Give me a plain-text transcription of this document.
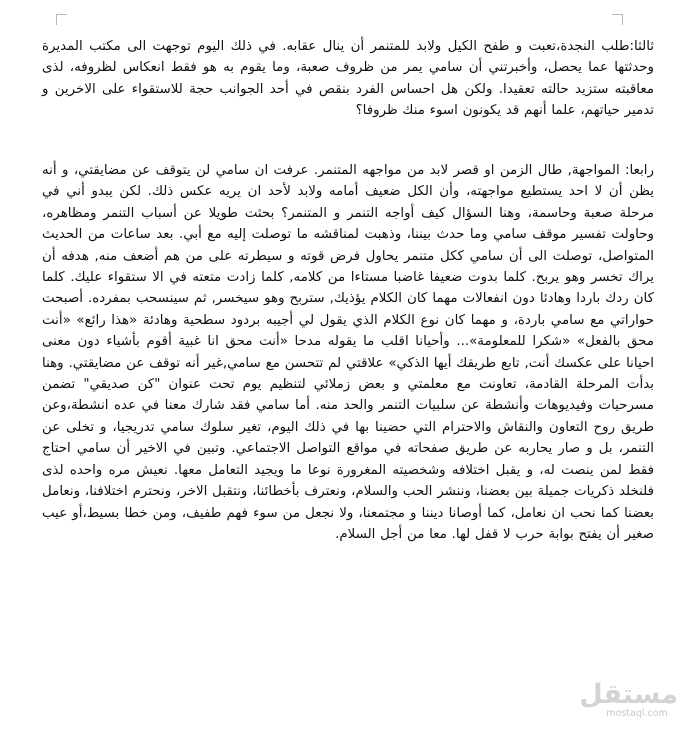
ثالثا:طلب النجدة،تعبت و طفح الكيل ولابد للمتنمر أن ينال عقابه. في ذلك اليوم توجهت الى مكتب المديرة وحدثتها عما يحصل، وأخبرتني أن سامي يمر من ظروف صعبة، وما يقوم به هو فقط انعكاس لظروفه، لذى معاقبته ستزيد حالته تعقيدا. ولكن هل احساس الفرد بنقص في أحد الجوانب حجة للاستقواء على الاخرين و تدمير حياتهم، علما أنهم قد يكونون اسوء منك ظروفا؟

رابعا: المواجهة, طال الزمن او قصر لابد من مواجهه المتنمر. عرفت ان سامي لن يتوقف عن مضايقتي، و أنه يظن أن لا احد يستطيع مواجهته، وأن الكل ضعيف أمامه ولابد لأحد ان يريه عكس ذلك. لكن يبدو أني في مرحلة صعبة وحاسمة، وهنا السؤال كيف أواجه التنمر و المتنمر؟ بحثت طويلا عن أسباب التنمر ومظاهره، وحاولت تفسير موقف سامي وما حدث بيننا، وذهبت لمناقشه ما توصلت إليه مع أبي. بعد ساعات من الحديث المتواصل، توصلت الى أن سامي ككل متنمر يحاول فرض قوته و سيطرته على من هم أضعف منه, هدفه أن يراك تخسر وهو يربح. كلما بدوت ضعيفا غاضبا مستاءا من كلامه, كلما زادت متعته في الا ستقواء عليك. كلما كان ردك باردا وهادئا دون انفعالات مهما كان الكلام يؤذيك, ستربح وهو سيخسر, ثم سينسحب بمفرده. أصبحت حواراتي مع سامي باردة، و مهما كان نوع الكلام الذي يقول لي أجيبه بردود سطحية وهادئة «هذا رائع» «أنت محق بالفعل» «شكرا للمعلومة»... وأحيانا اقلب ما يقوله مدحا «أنت محق انا غبية أقوم بأشياء دون معنى احيانا على عكسك أنت, تابع طريقك أيها الذكي» علاقتي لم تتحسن مع سامي,غير أنه توقف عن مضايقتي. وهنا بدأت المرحلة القادمة، تعاونت مع معلمتي و بعض زملائي لتنظيم يوم تحت عنوان "كن صديقي" تضمن مسرحيات وفيديوهات وأنشطة عن سلبيات التنمر والحد منه. أما سامي فقد شارك معنا في عده انشطة،وعن طريق روح التعاون والنقاش والاحترام التي حضينا بها في ذلك اليوم، تغير سلوك سامي تدريجيا، و تخلى عن التنمر، بل و صار يحاربه عن طريق صفحاته في مواقع التواصل الاجتماعي. وتبين في الاخير أن سامي احتاج فقط لمن ينصت له، و يقبل اختلافه وشخصيته المغرورة نوعا ما ويجيد التعامل معها. نعيش مره واحده لذى فلنخلد ذكريات جميلة بين بعضنا، وننشر الحب والسلام، ونعترف بأخطائنا، ونتقبل الاخر، ونحترم اختلافنا، ونعامل بعضنا كما نحب ان نعامل، كما أوصانا ديننا و مجتمعنا، ولا نجعل من سوء فهم طفيف، ومن خطا بسيط،أو عيب صغير أن يفتح بوابة حرب لا قفل لها. معا من أجل السلام.

مستقل
mostaql.com
